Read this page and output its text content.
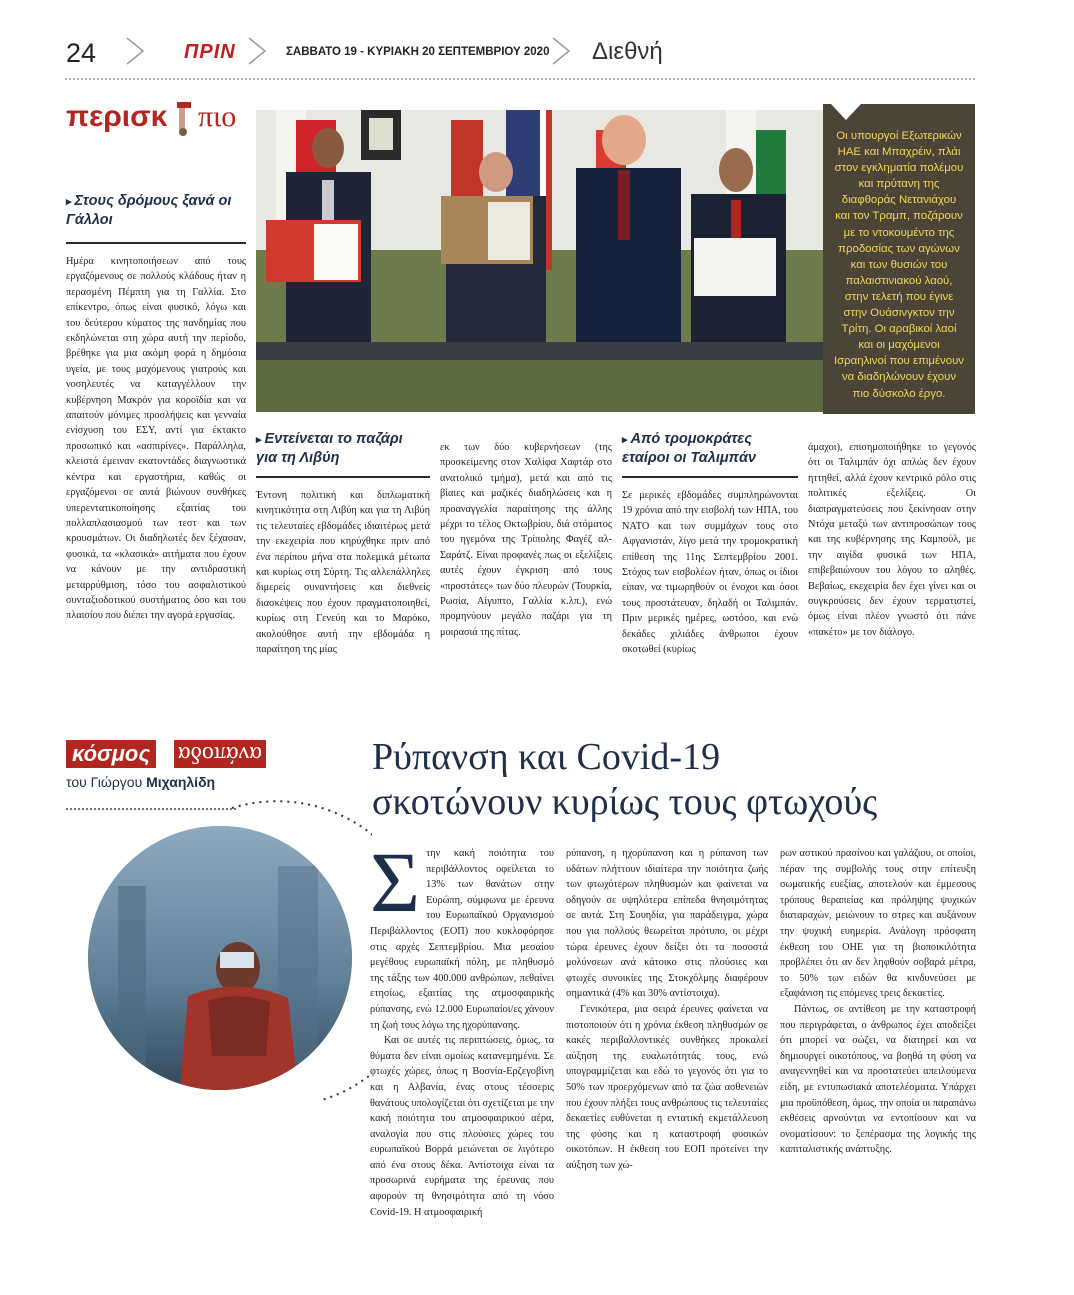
24	ΠΡΙΝ	ΣΑΒΒΑΤΟ 19 - ΚΥΡΙΑΚΗ 20 ΣΕΠΤΕΜΒΡΙΟΥ 2020 Διεθνή
περισκ πιο
▸ Στους δρόμους ξανά οι Γάλλοι

Ημέρα κινητοποιήσεων από τους εργαζόμενους σε πολλούς κλάδους ήταν η περασμένη Πέμπτη για τη Γαλλία. Στο επίκεντρο, όπως είναι φυσικό, λόγω και του δεύτερου κύματος της πανδημίας που εκδηλώνεται στη χώρα αυτή την περίοδο, βρέθηκε για μια ακόμη φορά η δημόσια υγεία, με τους μαχόμενους γιατρούς και νοσηλευτές να καταγγέλλουν την κυβέρνηση Μακρόν για κοροϊδία και να απαιτούν μόνιμες προσλήψεις και γενναία ενίσχυση του ΕΣΥ, αντί για έκτακτο προσωπικό και «ασπιρίνες». Παράλληλα, κλειστά έμειναν εκατοντάδες διαγνωστικά κέντρα και εργαστήρια, καθώς οι εργαζόμενοι σε αυτά βιώνουν συνθήκες υπερεντατικοποίησης εξαιτίας του πολλαπλασιασμού των τεστ και των κρουσμάτων. Οι διαδηλωτές δεν ξέχασαν, φυσικά, τα «κλασικά» αιτήματα που έχουν να κάνουν με την αντιδραστική μεταρρύθμιση, τόσο του ασφαλιστικού συνταξιοδοτικού συστήματος όσο και του πλαισίου που διέπει την αγορά εργασίας.

Οι υπουργοί Εξωτερικών ΗΑΕ και Μπαχρέιν, πλάι στον εγκληματία πολέμου και πρύτανη της διαφθοράς Νετανιάχου και τον Τραμπ, ποζάρουν με το ντοκουμέντο της προδοσίας των αγώνων και των θυσιών του παλαιστινιακού λαού, στην τελετή που έγινε στην Ουάσινγκτον την Τρίτη. Οι αραβικοί λαοί και οι μαχόμενοι Ισραηλινοί που επιμένουν να διαδηλώνουν έχουν πιο δύσκολο έργο.
▸ Εντείνεται το παζάρι για τη Λιβύη

Έντονη πολιτική και διπλωματική κινητικότητα στη Λιβύη και για τη Λιβύη τις τελευταίες εβδομάδες ιδιαιτέρως μετά την εκεχειρία που κηρύχθηκε πριν από ένα περίπου μήνα στα πολεμικά μέτωπα και κυρίως στη Σύρτη. Τις αλλεπάλληλες διμερείς συναντήσεις και διεθνείς διασκέψεις που έχουν πραγματοποιηθεί, κυρίως στη Γενεύη και το Μαρόκο, ακολούθησε αυτή την εβδομάδα η παραίτηση της μίας

εκ των δύο κυβερνήσεων (της προσκείμενης στον Χαλίφα Χαφτάρ στο ανατολικό τμήμα), μετά και από τις βίαιες και μαζικές διαδηλώσεις και η προαναγγελία παραίτησης της άλλης μέχρι το τέλος Οκτωβρίου, διά στόματος του ηγεμόνα της Τρίπολης Φαγέζ αλ-Σαράτζ. Είναι προφανές πως οι εξελίξεις αυτές έχουν έγκριση από τους «προστάτες» των δύο πλευρών (Τουρκία, Ρωσία, Αίγυπτο, Γαλλία κ.λπ.), ενώ προμηνύουν μεγάλο παζάρι για τη μοιρασιά της πίτας.

▸ Από τρομοκράτες εταίροι οι Ταλιμπάν

Σε μερικές εβδομάδες συμπληρώνονται 19 χρόνια από την εισβολή των ΗΠΑ, του ΝΑΤΟ και των συμμάχων τους στο Αφγανιστάν, λίγο μετά την τρομοκρατική επίθεση της 11ης Σεπτεμβρίου 2001. Στόχος των εισβολέων ήταν, όπως οι ίδιοι είπαν, να τιμωρηθούν οι ένοχοι και όσοι τους προστάτευαν, δηλαδή οι Ταλιμπάν. Πριν μερικές ημέρες, ωστόσο, και ενώ δεκάδες χιλιάδες άνθρωποι έχουν σκοτωθεί (κυρίως

άμαχοι), επισημοποιήθηκε το γεγονός ότι οι Ταλιμπάν όχι απλώς δεν έχουν ηττηθεί, αλλά έχουν κεντρικό ρόλο στις πολιτικές εξελίξεις. Οι διαπραγματεύσεις που ξεκίνησαν στην Ντόχα μεταξύ των αντιπροσώπων τους και της κυβέρνησης της Καμπούλ, με την αιγίδα φυσικά των ΗΠΑ, επιβεβαιώνουν του λόγου το αληθές. Βεβαίως, εκεχειρία δεν έχει γίνει και οι συγκρούσεις δεν έχουν τερματιστεί, όμως είναι πλέον γνωστό ότι πάνε «πακέτο» με τον διάλογο.

κόσμος ανάποδα
του Γιώργου Μιχαηλίδη
Ρύπανση και Covid-19
σκοτώνουν κυρίως τους φτωχούς
Σ την κακή ποιότητα του περιβάλλοντος οφείλεται το 13% των θανάτων στην Ευρώπη, σύμφωνα με έρευνα του Ευρωπαϊκού Οργανισμού Περιβάλλοντος (ΕΟΠ) που κυκλοφόρησε στις αρχές Σεπτεμβρίου. Μια μεσαίου μεγέθους ευρωπαϊκή πόλη, με πληθυσμό της τάξης των 400.000 ανθρώπων, πεθαίνει ετησίως, εξαιτίας της ατμοσφαιρικής ρύπανσης, ενώ 12.000 Ευρωπαίοι/ες χάνουν τη ζωή τους λόγω της ηχορύπανσης.

Και σε αυτές τις περιπτώσεις, όμως, τα θύματα δεν είναι ομοίως κατανεμημένα. Σε φτωχές χώρες, όπως η Βοσνία-Ερζεγοβίνη και η Αλβανία, ένας στους τέσσερις θανάτους υπολογίζεται ότι σχετίζεται με την κακή ποιότητα του ατμοσφαιρικού αέρα, αναλογία που στις πλούσιες χώρες του ευρωπαϊκού Βορρά μειώνεται σε λιγότερο από ένα στους δέκα. Αντίστοιχα είναι τα προσωρινά ευρήματα της έρευνας που αφορούν τη θνησιμότητα από τη νόσο Covid-19. Η ατμοσφαιρική

ρύπανση, η ηχορύπανση και η ρύπανση των υδάτων πλήττουν ιδιαίτερα την ποιότητα ζωής των φτωχότερων πληθυσμών και φαίνεται να οδηγούν σε υψηλότερα επίπεδα θνησιμότητας σε αυτά. Στη Σουηδία, για παράδειγμα, χώρα που για πολλούς θεωρείται πρότυπο, οι μέχρι τώρα έρευνες έχουν δείξει ότι τα ποσοστά μολύνσεων ανά κάτοικο στις πλούσιες και φτωχές συνοικίες της Στοκχόλμης διαφέρουν σημαντικά (4% και 30% αντίστοιχα).

Γενικότερα, μια σειρά έρευνες φαίνεται να πιστοποιούν ότι η χρόνια έκθεση πληθυσμών σε κακές περιβαλλοντικές συνθήκες προκαλεί αύξηση της ευαλωτότητάς τους, ενώ υπογραμμίζεται και εδώ το γεγονός ότι για το 50% των προερχόμενων από τα ζώα ασθενειών που έχουν πλήξει τους ανθρώπους τις τελευταίες δεκαετίες ευθύνεται η εντατική εκμετάλλευση της φύσης και η καταστροφή φυσικών οικοτόπων. Η έκθεση του ΕΟΠ προτείνει την αύξηση των χώ-

ρων αστικού πρασίνου και γαλάζιου, οι οποίοι, πέραν της συμβολής τους στην επίτευξη σωματικής ευεξίας, αποτελούν και έμμεσους τρόπους θεραπείας και πρόληψης ψυχικών διαταραχών, μειώνουν το στρες και αυξάνουν την ψυχική ευημερία. Ανάλογη πρόσφατη έκθεση του ΟΗΕ για τη βιοποικιλότητα προβλέπει ότι αν δεν ληφθούν σοβαρά μέτρα, το 50% των ειδών θα κινδυνεύσει με εξαφάνιση τις επόμενες τρεις δεκαετίες.

Πάντως, σε αντίθεση με την καταστροφή που περιγράφεται, ο άνθρωπος έχει αποδείξει ότι μπορεί να σώζει, να διατηρεί και να δημιουργεί οικοτόπους, να βοηθά τη φύση να αναγεννηθεί και να προστατεύει απειλούμενα είδη, με εντυπωσιακά αποτελέσματα. Υπάρχει μια προϋπόθεση, όμως, την οποία οι παραπάνω εκθέσεις αρνούνται να εντοπίσουν και να ονοματίσουν: το ξεπέρασμα της λογικής της καπιταλιστικής ανάπτυξης.
